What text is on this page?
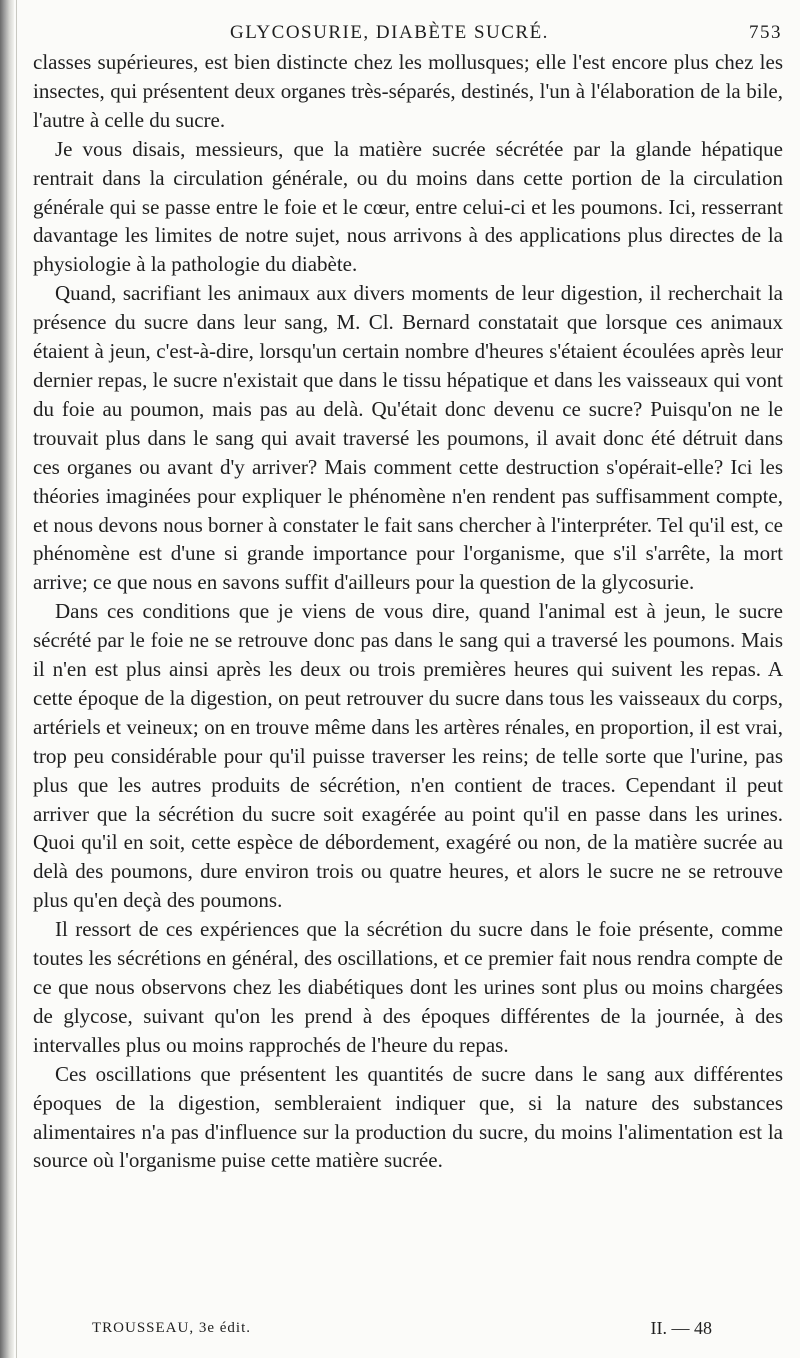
GLYCOSURIE, DIABÈTE SUCRÉ.	753

classes supérieures, est bien distincte chez les mollusques; elle l'est encore plus chez les insectes, qui présentent deux organes très-séparés, destinés, l'un à l'élaboration de la bile, l'autre à celle du sucre.

Je vous disais, messieurs, que la matière sucrée sécrétée par la glande hépatique rentrait dans la circulation générale, ou du moins dans cette portion de la circulation générale qui se passe entre le foie et le cœur, entre celui-ci et les poumons. Ici, resserrant davantage les limites de notre sujet, nous arrivons à des applications plus directes de la physiologie à la pathologie du diabète.

Quand, sacrifiant les animaux aux divers moments de leur digestion, il recherchait la présence du sucre dans leur sang, M. Cl. Bernard constatait que lorsque ces animaux étaient à jeun, c'est-à-dire, lorsqu'un certain nombre d'heures s'étaient écoulées après leur dernier repas, le sucre n'existait que dans le tissu hépatique et dans les vaisseaux qui vont du foie au poumon, mais pas au delà. Qu'était donc devenu ce sucre? Puisqu'on ne le trouvait plus dans le sang qui avait traversé les poumons, il avait donc été détruit dans ces organes ou avant d'y arriver? Mais comment cette destruction s'opérait-elle? Ici les théories imaginées pour expliquer le phénomène n'en rendent pas suffisamment compte, et nous devons nous borner à constater le fait sans chercher à l'interpréter. Tel qu'il est, ce phénomène est d'une si grande importance pour l'organisme, que s'il s'arrête, la mort arrive; ce que nous en savons suffit d'ailleurs pour la question de la glycosurie.

Dans ces conditions que je viens de vous dire, quand l'animal est à jeun, le sucre sécrété par le foie ne se retrouve donc pas dans le sang qui a traversé les poumons. Mais il n'en est plus ainsi après les deux ou trois premières heures qui suivent les repas. A cette époque de la digestion, on peut retrouver du sucre dans tous les vaisseaux du corps, artériels et veineux; on en trouve même dans les artères rénales, en proportion, il est vrai, trop peu considérable pour qu'il puisse traverser les reins; de telle sorte que l'urine, pas plus que les autres produits de sécrétion, n'en contient de traces. Cependant il peut arriver que la sécrétion du sucre soit exagérée au point qu'il en passe dans les urines. Quoi qu'il en soit, cette espèce de débordement, exagéré ou non, de la matière sucrée au delà des poumons, dure environ trois ou quatre heures, et alors le sucre ne se retrouve plus qu'en deçà des poumons.

Il ressort de ces expériences que la sécrétion du sucre dans le foie présente, comme toutes les sécrétions en général, des oscillations, et ce premier fait nous rendra compte de ce que nous observons chez les diabétiques dont les urines sont plus ou moins chargées de glycose, suivant qu'on les prend à des époques différentes de la journée, à des intervalles plus ou moins rapprochés de l'heure du repas.

Ces oscillations que présentent les quantités de sucre dans le sang aux différentes époques de la digestion, sembleraient indiquer que, si la nature des substances alimentaires n'a pas d'influence sur la production du sucre, du moins l'alimentation est la source où l'organisme puise cette matière sucrée.

TROUSSEAU, 3e édit.	II. — 48
